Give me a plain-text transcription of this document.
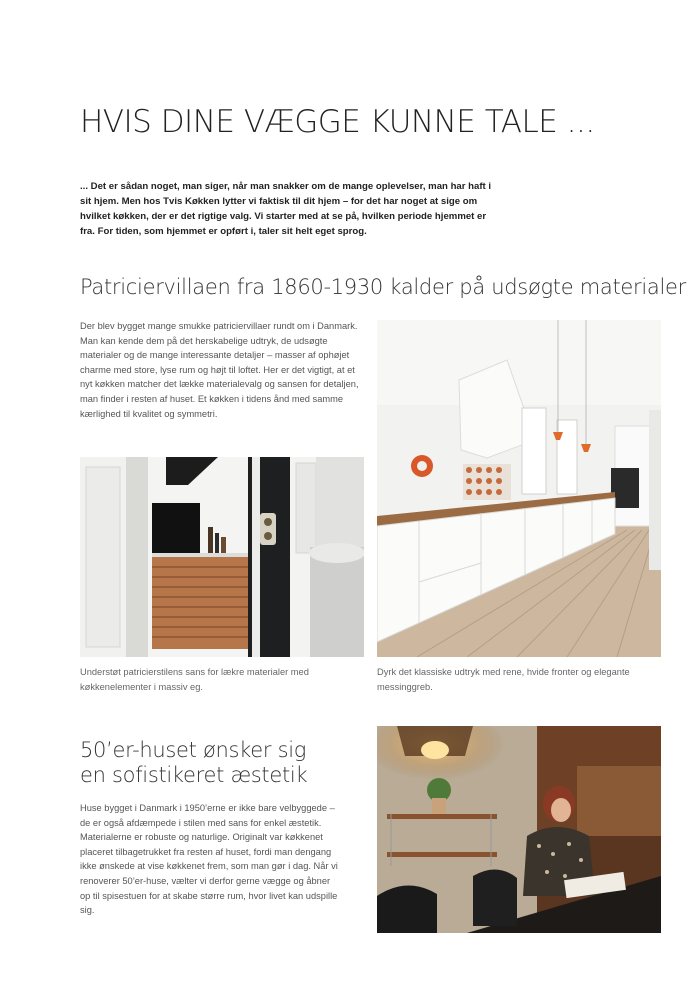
HVIS DINE VÆGGE KUNNE TALE ...
... Det er sådan noget, man siger, når man snakker om de mange oplevelser, man har haft i sit hjem. Men hos Tvis Køkken lytter vi faktisk til dit hjem – for det har noget at sige om hvilket køkken, der er det rigtige valg. Vi starter med at se på, hvilken periode hjemmet er fra. For tiden, som hjemmet er opført i, taler sit helt eget sprog.
Patriciervillaen fra 1860-1930 kalder på udsøgte materialer
Der blev bygget mange smukke patriciervillaer rundt om i Danmark. Man kan kende dem på det herskabelige udtryk, de udsøgte materialer og de mange interessante detaljer – masser af ophøjet charme med store, lyse rum og højt til loftet. Her er det vigtigt, at et nyt køkken matcher det lække materialevalg og sansen for detaljen, man finder i resten af huset. Et køkken i tidens ånd med samme kærlighed til kvalitet og symmetri.
Understøt patricierstilens sans for lækre materialer med køkkenelementer i massiv eg.
Dyrk det klassiske udtryk med rene, hvide fronter og elegante messinggreb.
50’er-huset ønsker sig
en sofistikeret æstetik
Huse bygget i Danmark i 1950’erne er ikke bare velbyggede – de er også afdæmpede i stilen med sans for enkel æstetik. Materialerne er robuste og naturlige. Originalt var køkkenet placeret tilbagetrukket fra resten af huset, fordi man dengang ikke ønskede at vise køkkenet frem, som man gør i dag. Når vi renoverer 50’er-huse, vælter vi derfor gerne vægge og åbner op til spisestuen for at skabe større rum, hvor livet kan udspille sig.
